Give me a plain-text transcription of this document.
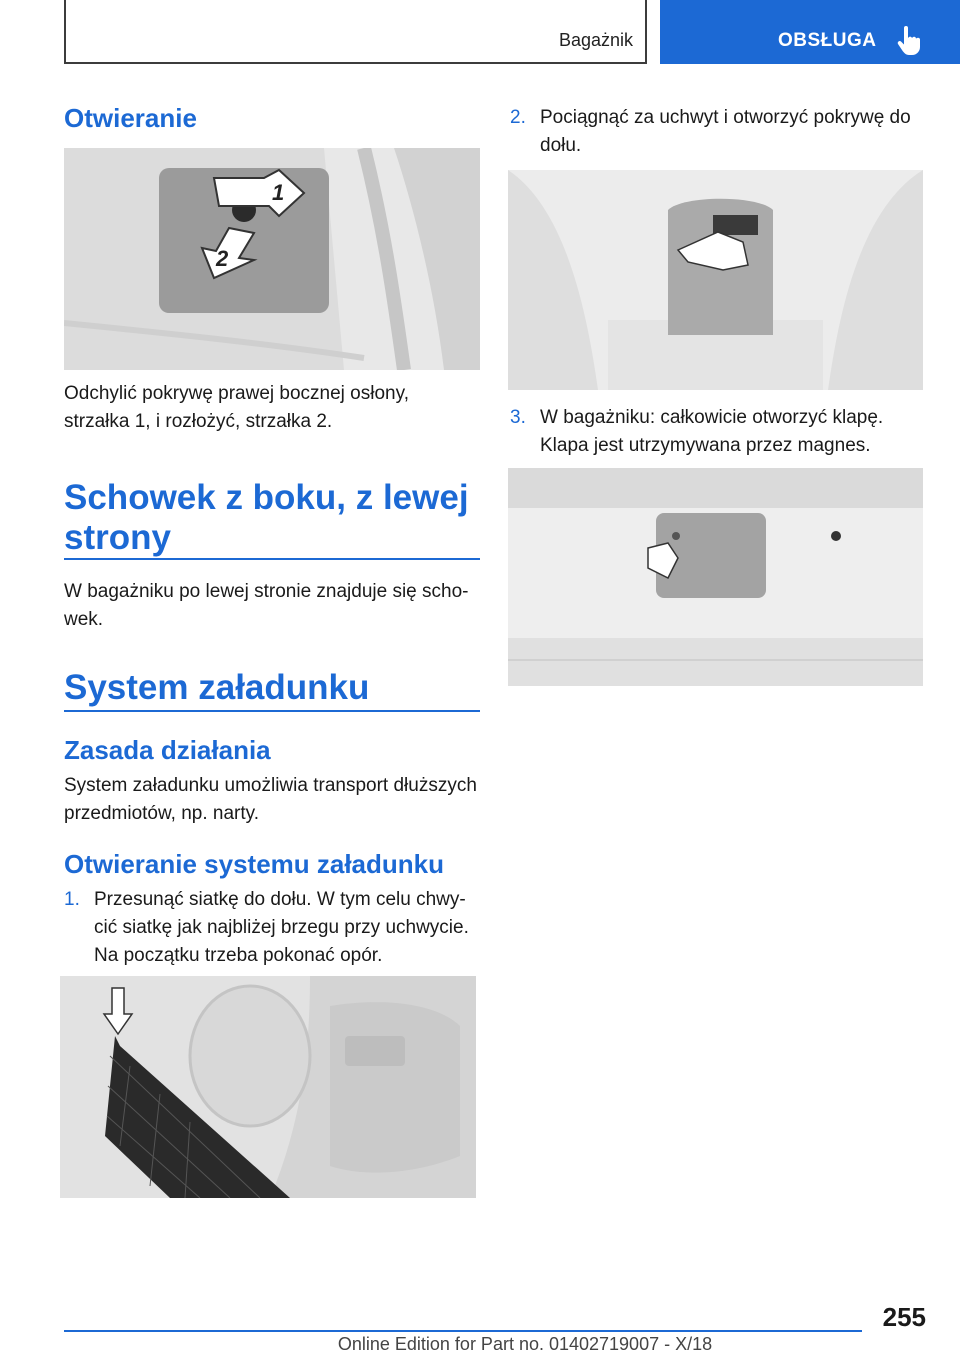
Bagażnik	OBSŁUGA
Otwieranie
1
2

Odchylić pokrywę prawej bocznej osłony,
strzałka 1, i rozłożyć, strzałka 2.

Schowek z boku, z lewej
strony

W bagażniku po lewej stronie znajduje się scho-
wek.

System załadunku
Zasada działania

System załadunku umożliwia transport dłuższych
przedmiotów, np. narty.

Otwieranie systemu załadunku
1. Przesunąć siatkę do dołu. W tym celu chwy-
cić siatkę jak najbliżej brzegu przy uchwycie.
Na początku trzeba pokonać opór.
2. Pociągnąć za uchwyt i otworzyć pokrywę do
dołu.
3. W bagażniku: całkowicie otworzyć klapę.
Klapa jest utrzymywana przez magnes.
255
Online Edition for Part no. 01402719007 - X/18
